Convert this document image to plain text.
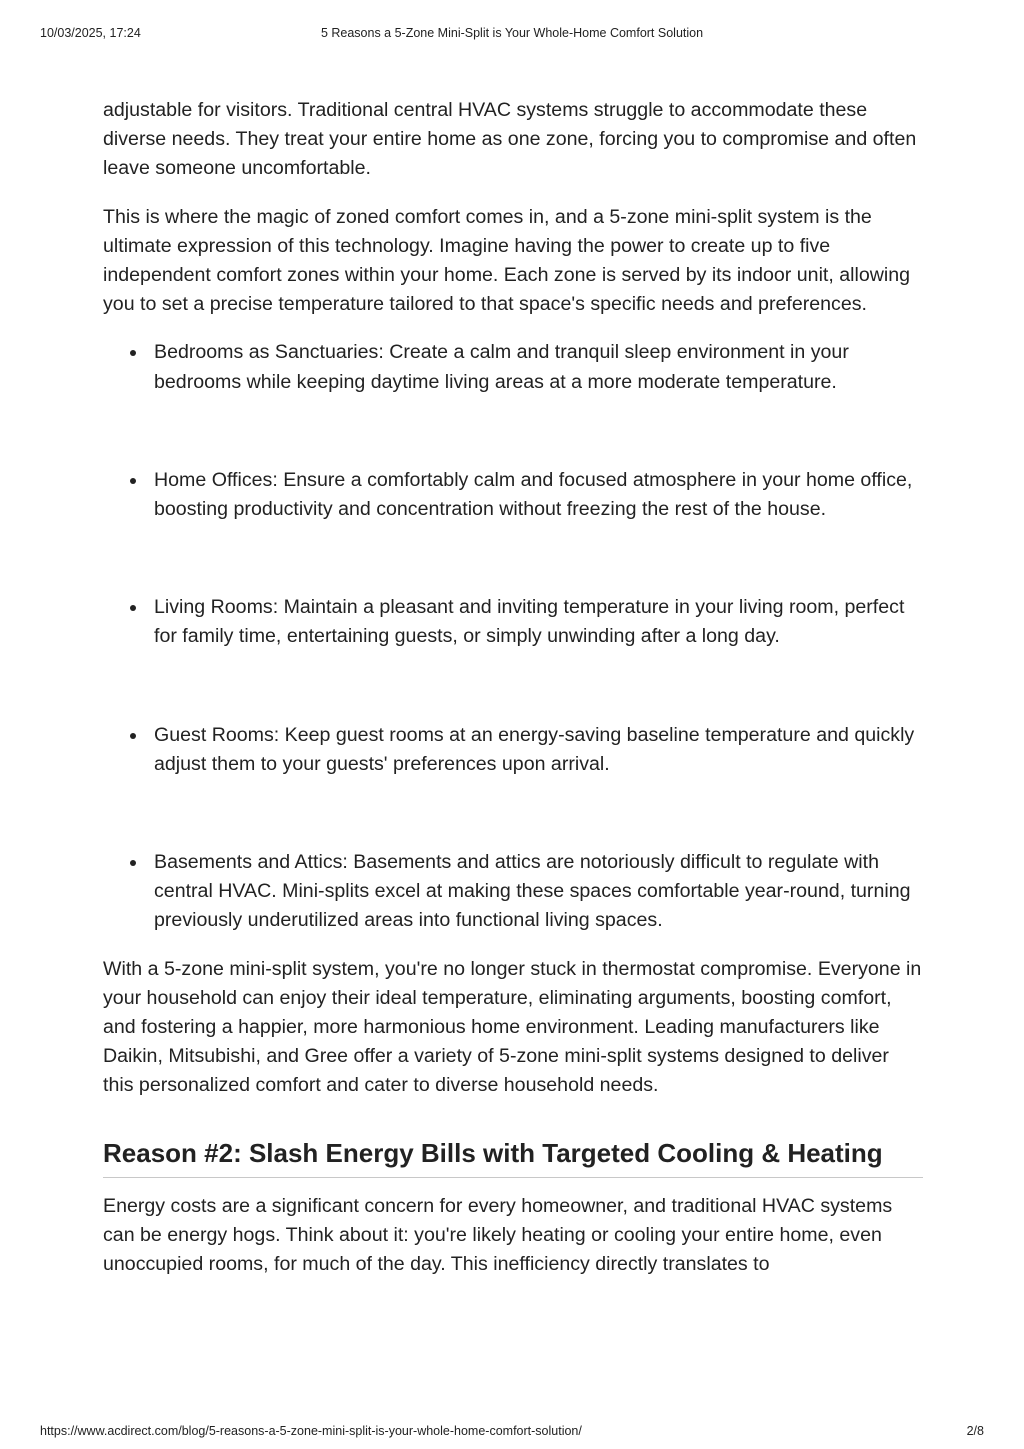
10/03/2025, 17:24	5 Reasons a 5-Zone Mini-Split is Your Whole-Home Comfort Solution

adjustable for visitors. Traditional central HVAC systems struggle to accommodate these diverse needs. They treat your entire home as one zone, forcing you to compromise and often leave someone uncomfortable.

This is where the magic of zoned comfort comes in, and a 5-zone mini-split system is the ultimate expression of this technology. Imagine having the power to create up to five independent comfort zones within your home. Each zone is served by its indoor unit, allowing you to set a precise temperature tailored to that space's specific needs and preferences.

Bedrooms as Sanctuaries: Create a calm and tranquil sleep environment in your bedrooms while keeping daytime living areas at a more moderate temperature.
Home Offices: Ensure a comfortably calm and focused atmosphere in your home office, boosting productivity and concentration without freezing the rest of the house.
Living Rooms: Maintain a pleasant and inviting temperature in your living room, perfect for family time, entertaining guests, or simply unwinding after a long day.
Guest Rooms: Keep guest rooms at an energy-saving baseline temperature and quickly adjust them to your guests' preferences upon arrival.
Basements and Attics: Basements and attics are notoriously difficult to regulate with central HVAC. Mini-splits excel at making these spaces comfortable year-round, turning previously underutilized areas into functional living spaces.

With a 5-zone mini-split system, you're no longer stuck in thermostat compromise. Everyone in your household can enjoy their ideal temperature, eliminating arguments, boosting comfort, and fostering a happier, more harmonious home environment. Leading manufacturers like Daikin, Mitsubishi, and Gree offer a variety of 5-zone mini-split systems designed to deliver this personalized comfort and cater to diverse household needs.

Reason #2: Slash Energy Bills with Targeted Cooling & Heating

Energy costs are a significant concern for every homeowner, and traditional HVAC systems can be energy hogs. Think about it: you're likely heating or cooling your entire home, even unoccupied rooms, for much of the day. This inefficiency directly translates to

https://www.acdirect.com/blog/5-reasons-a-5-zone-mini-split-is-your-whole-home-comfort-solution/	2/8
